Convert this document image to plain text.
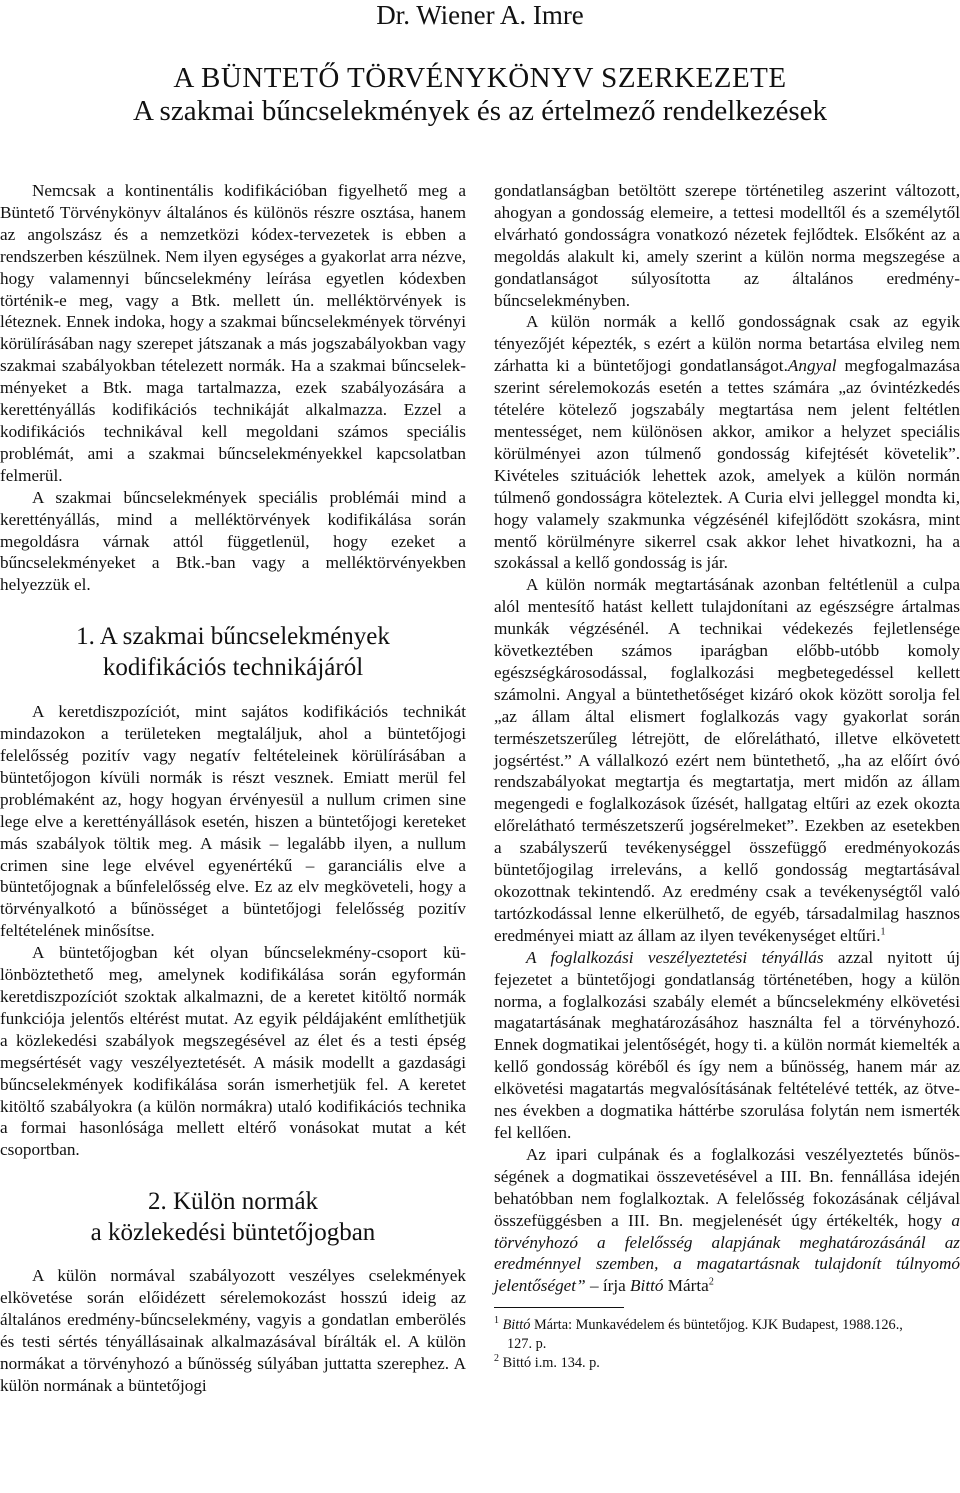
Dr. Wiener A. Imre
A BÜNTETŐ TÖRVÉNYKÖNYV SZERKEZETE
A szakmai bűncselekmények és az értelmező rendelkezések

Nemcsak a kontinentális kodifikációban figyelhető meg a Büntető Törvénykönyv általános és különös részre osztása, hanem az angolszász és a nemzetközi kódex-tervezetek is ebben a rendszerben készülnek. Nem ilyen egységes a gyakorlat arra nézve, hogy valamennyi bűncselekmény leírása egyetlen kódexben történik-e meg, vagy a Btk. mellett ún. melléktörvények is léteznek. Ennek indoka, hogy a szakmai bűncselekmények törvényi körülírásában nagy szerepet játszanak a más jogszabályokban vagy szakmai szabályokban tételezett normák. Ha a szakmai bűncselekményeket a Btk. maga tartalmazza, ezek szabályozására a kerettényállás kodifikációs technikáját alkalmazza. Ezzel a kodifikációs technikával kell megoldani számos speciális problémát, ami a szakmai bűncselekményekkel kapcsolatban felmerül.

A szakmai bűncselekmények speciális problémái mind a kerettényállás, mind a melléktörvények kodifikálása során megoldásra várnak attól függetlenül, hogy ezeket a bűncselekményeket a Btk.-ban vagy a melléktörvényekben helyezzük el.

1. A szakmai bűncselekmények
kodifikációs technikájáról

A keretdiszpozíciót, mint sajátos kodifikációs technikát mindazokon a területeken megtaláljuk, ahol a büntetőjogi felelősség pozitív vagy negatív feltételeinek körülírásában a büntetőjogon kívüli normák is részt vesznek. Emiatt merül fel problémaként az, hogy hogyan érvényesül a nullum crimen sine lege elve a kerettényállások esetén, hiszen a büntetőjogi kereteket más szabályok töltik meg. A másik – legalább ilyen, a nullum crimen sine lege elvével egyenértékű – garanciális elve a büntetőjognak a bűnfelelősség elve. Ez az elv megköveteli, hogy a törvényalkotó a bűnösséget a büntetőjogi felelősség pozitív feltételének minősítse.

A büntetőjogban két olyan bűncselekmény-csoport különböztethető meg, amelynek kodifikálása során egyformán keretdiszpozíciót szoktak alkalmazni, de a keretet kitöltő normák funkciója jelentős eltérést mutat. Az egyik példájaként említhetjük a közlekedési szabályok megszegésével az élet és a testi épség megsértését vagy veszélyeztetését. A másik modellt a gazdasági bűncselekmények kodifikálása során ismerhetjük fel. A keretet kitöltő szabályokra (a külön normákra) utaló kodifikációs technika a formai hasonlósága mellett eltérő vonásokat mutat a két csoportban.

2. Külön normák
a közlekedési büntetőjogban

A külön normával szabályozott veszélyes cselekmények elkövetése során előidézett sérelemokozást hosszú ideig az általános eredmény-bűncselekmény, vagyis a gondatlan emberölés és testi sértés tényállásainak alkalmazásával bírálták el. A külön normákat a törvényhozó a bűnösség súlyában juttatta szerephez. A külön normának a büntetőjogi

gondatlanságban betöltött szerepe történetileg aszerint változott, ahogyan a gondosság elemeire, a tettesi modelltől és a személytől elvárható gondosságra vonatkozó nézetek fejlődtek. Elsőként az a megoldás alakult ki, amely szerint a külön norma megszegése a gondatlanságot súlyosította az általános eredmény-bűncselekményben.

A külön normák a kellő gondosságnak csak az egyik tényezőjét képezték, s ezért a külön norma betartása elvileg nem zárhatta ki a büntetőjogi gondatlanságot.Angyal megfogalmazása szerint sérelemokozás esetén a tettes számára „az óvintézkedés tételére kötelező jogszabály megtartása nem jelent feltétlen mentességet, nem különösen akkor, amikor a helyzet speciális körülményei azon túlmenő gondosság kifejtését követelik”. Kivételes szituációk lehettek azok, amelyek a külön normán túlmenő gondosságra köteleztek. A Curia elvi jelleggel mondta ki, hogy valamely szakmunka végzésénél kifejlődött szokásra, mint mentő körülményre sikerrel csak akkor lehet hivatkozni, ha a szokással a kellő gondosság is jár.

A külön normák megtartásának azonban feltétlenül a culpa alól mentesítő hatást kellett tulajdonítani az egészségre ártalmas munkák végzésénél. A technikai védekezés fejletlensége következtében számos iparágban előbb-utóbb komoly egészségkárosodással, foglalkozási megbetegedéssel kellett számolni. Angyal a büntethetőséget kizáró okok között sorolja fel „az állam által elismert foglalkozás vagy gyakorlat során természetszerűleg létrejött, de előrelátható, illetve elkövetett jogsértést.” A vállalkozó ezért nem büntethető, „ha az előírt óvó rendszabályokat megtartja és megtartatja, mert midőn az állam megengedi e foglalkozások űzését, hallgatag eltűri az ezek okozta előrelátható természetszerű jogsérelmeket”. Ezekben az esetekben a szabályszerű tevékenységgel összefüggő eredményokozás büntetőjogilag irreleváns, a kellő gondosság megtartásával okozottnak tekintendő. Az eredmény csak a tevékenységtől való tartózkodással lenne elkerülhető, de egyéb, társadalmilag hasznos eredményei miatt az állam az ilyen tevékenységet eltűri.$^1$

A foglalkozási veszélyeztetési tényállás azzal nyitott új fejezetet a büntetőjogi gondatlanság történetében, hogy a külön norma, a foglalkozási szabály elemét a bűncselekmény elkövetési magatartásának meghatározásához használta fel a törvényhozó. Ennek dogmatikai jelentőségét, hogy ti. a külön normát kiemelték a kellő gondosság köréből és így nem a bűnösség, hanem már az elkövetési magatartás megvalósításának feltételévé tették, az ötvenes években a dogmatika háttérbe szorulása folytán nem ismerték fel kellően.

Az ipari culpának és a foglalkozási veszélyeztetés bűnösségének a dogmatikai összevetésével a III. Bn. fennállása idején behatóbban nem foglalkoztak. A felelősség fokozásának céljával összefüggésben a III. Bn. megjelenését úgy értékelték, hogy a törvényhozó a felelősség alapjának meghatározásánál az eredménnyel szemben, a magatartásnak tulajdonít túlnyomó jelentőséget” – írja Bittó Márta$^2$

$^1$ Bittó Márta: Munkavédelem és büntetőjog. KJK Budapest, 1988.126.,
127. p.

$^2$ Bittó i.m. 134. p.
